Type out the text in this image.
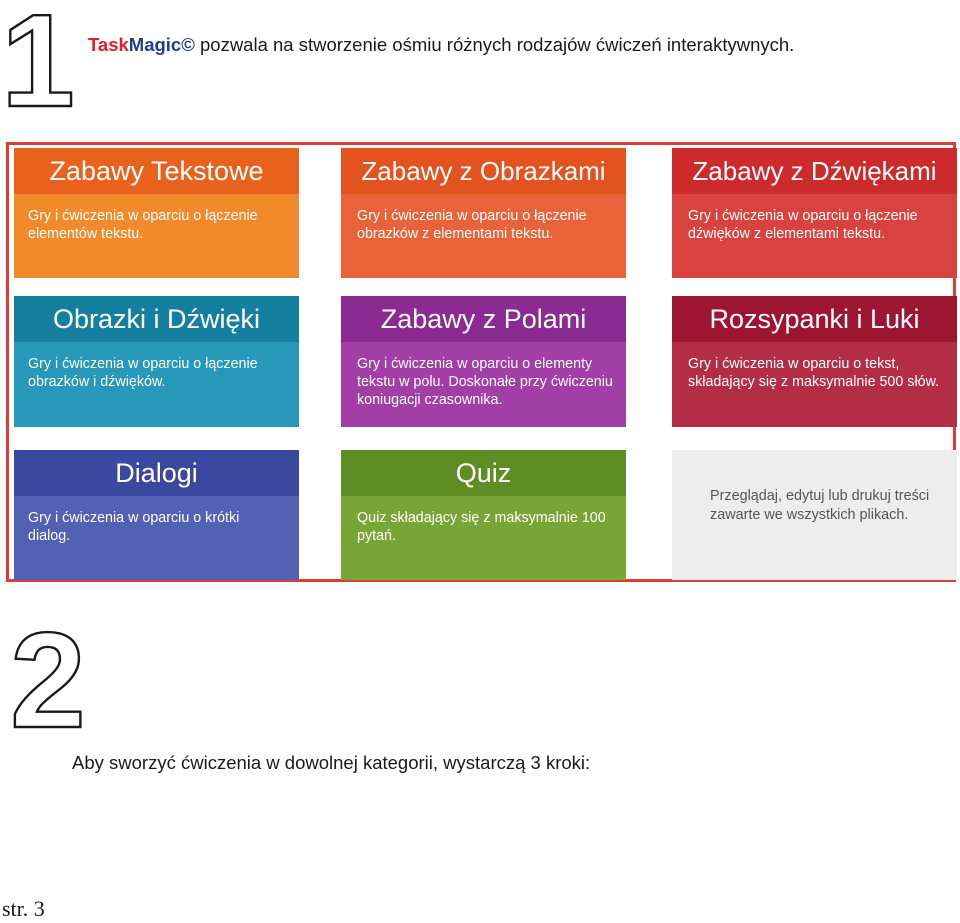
1 TaskMagic© pozwala na stworzenie ośmiu różnych rodzajów ćwiczeń interaktywnych.
Zabawy Tekstowe
Gry i ćwiczenia w oparciu o łączenie elementów tekstu.
Zabawy z Obrazkami
Gry i ćwiczenia w oparciu o łączenie obrazków z elementami tekstu.
Zabawy z Dźwiękami
Gry i ćwiczenia w oparciu o łączenie dźwięków z elementami tekstu.
Obrazki i Dźwięki
Gry i ćwiczenia w oparciu o łączenie obrazków i dźwięków.
Zabawy z Polami
Gry i ćwiczenia w oparciu o elementy tekstu w polu. Doskonałe przy ćwiczeniu koniugacji czasownika.
Rozsypanki i Luki
Gry i ćwiczenia w oparciu o tekst, składający się z maksymalnie 500 słów.
Dialogi
Gry i ćwiczenia w oparciu o krótki dialog.
Quiz
Quiz składający się z maksymalnie 100 pytań.
Przeglądaj, edytuj lub drukuj treści zawarte we wszystkich plikach.
2
Aby sworzyć ćwiczenia w dowolnej kategorii, wystarczą 3 kroki:
str. 3
